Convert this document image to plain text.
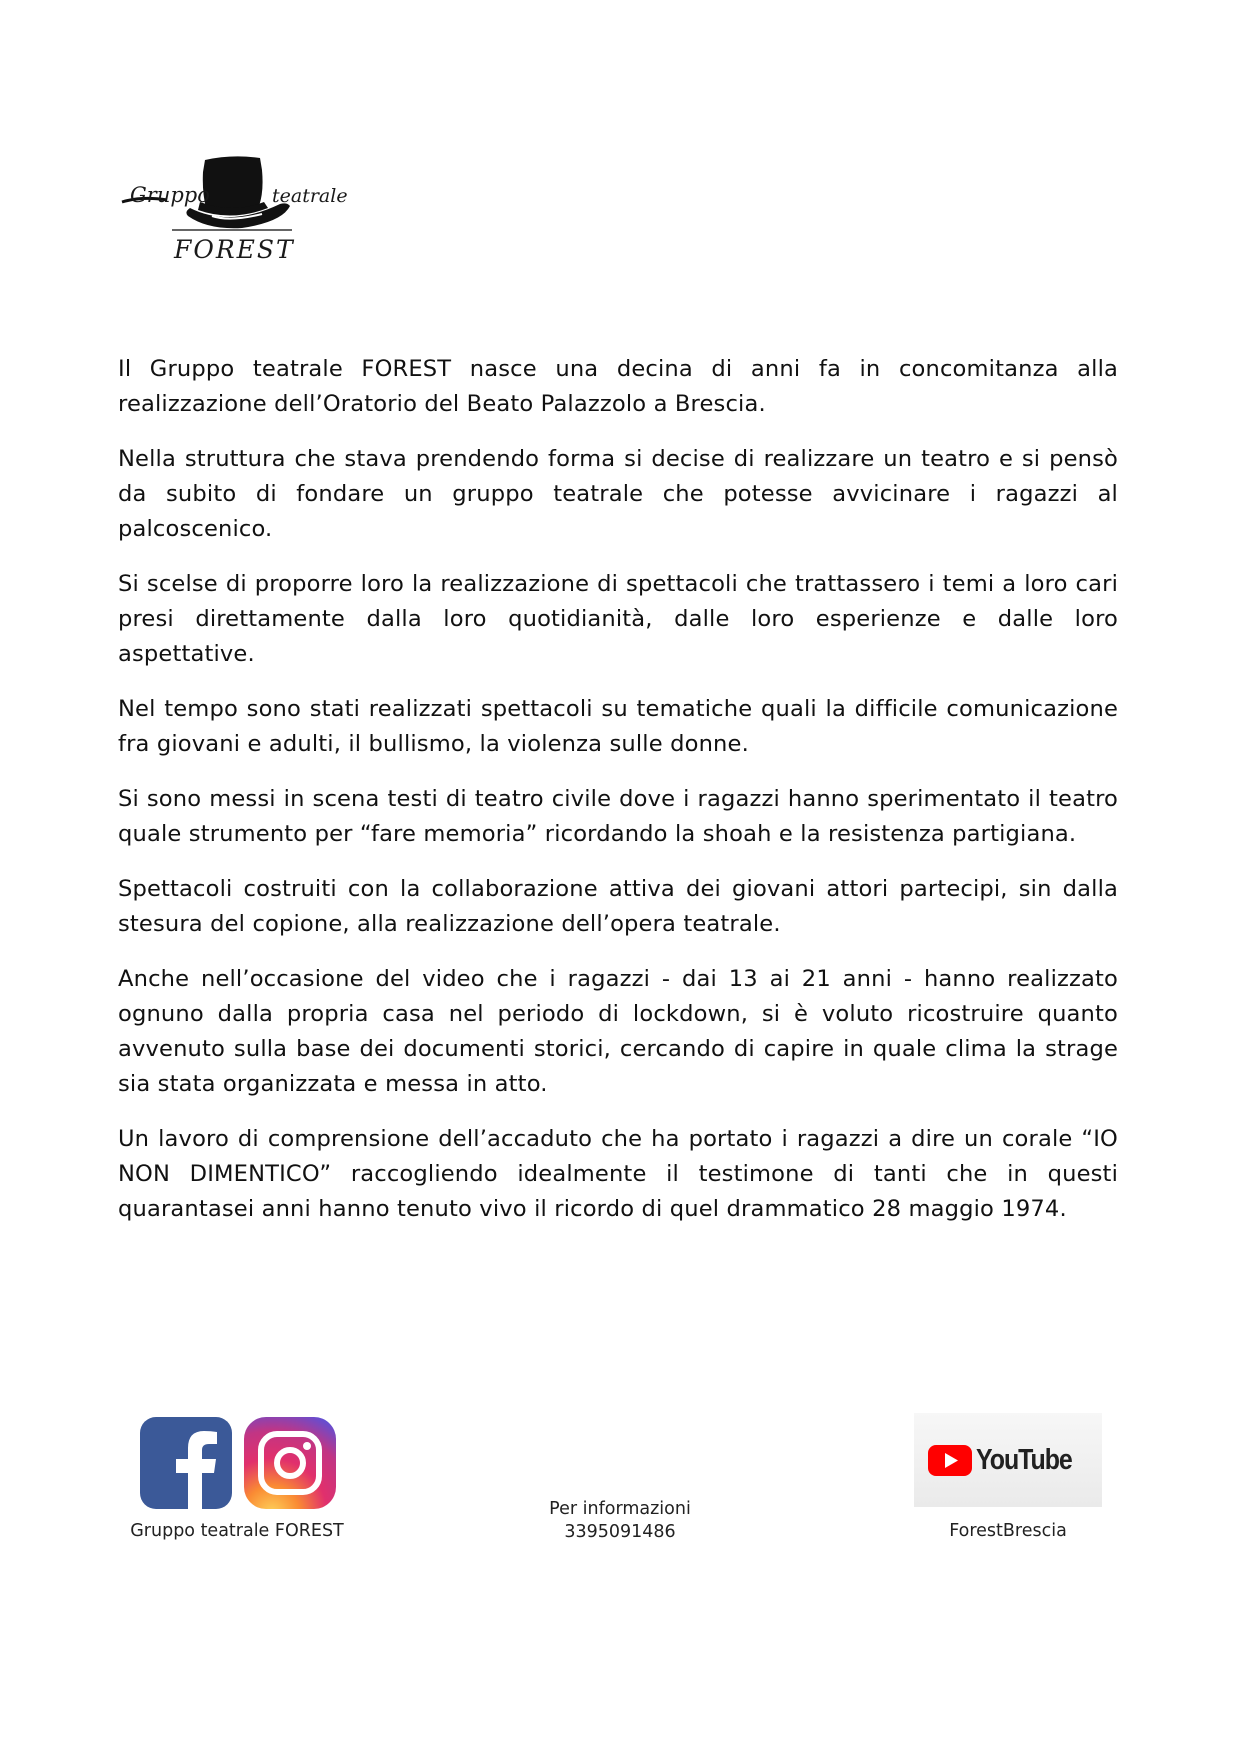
Gruppo	teatrale
FOREST

Il Gruppo teatrale FOREST nasce una decina di anni fa in concomitanza alla realizzazione dell’Oratorio del Beato Palazzolo a Brescia.

Nella struttura che stava prendendo forma si decise di realizzare un teatro e si pensò da subito di fondare un gruppo teatrale che potesse avvicinare i ragazzi al palcoscenico.

Si scelse di proporre loro la realizzazione di spettacoli che trattassero i temi a loro cari presi direttamente dalla loro quotidianità, dalle loro esperienze e dalle loro aspettative.

Nel tempo sono stati realizzati spettacoli su tematiche quali la difficile comunicazione fra giovani e adulti, il bullismo, la violenza sulle donne.

Si sono messi in scena testi di teatro civile dove i ragazzi hanno sperimentato il teatro quale strumento per “fare memoria” ricordando la shoah e la resistenza partigiana.

Spettacoli costruiti con la collaborazione attiva dei giovani attori partecipi, sin dalla stesura del copione, alla realizzazione dell’opera teatrale.

Anche nell’occasione del video che i ragazzi - dai 13 ai 21 anni - hanno realizzato ognuno dalla propria casa nel periodo di lockdown, si è voluto ricostruire quanto avvenuto sulla base dei documenti storici, cercando di capire in quale clima la strage sia stata organizzata e messa in atto.

Un lavoro di comprensione dell’accaduto che ha portato i ragazzi a dire un corale “IO NON DIMENTICO” raccogliendo idealmente il testimone di tanti che in questi quarantasei anni hanno tenuto vivo il ricordo di quel drammatico 28 maggio 1974.

Gruppo teatrale FOREST
Per informazioni
3395091486
YouTube
ForestBrescia
